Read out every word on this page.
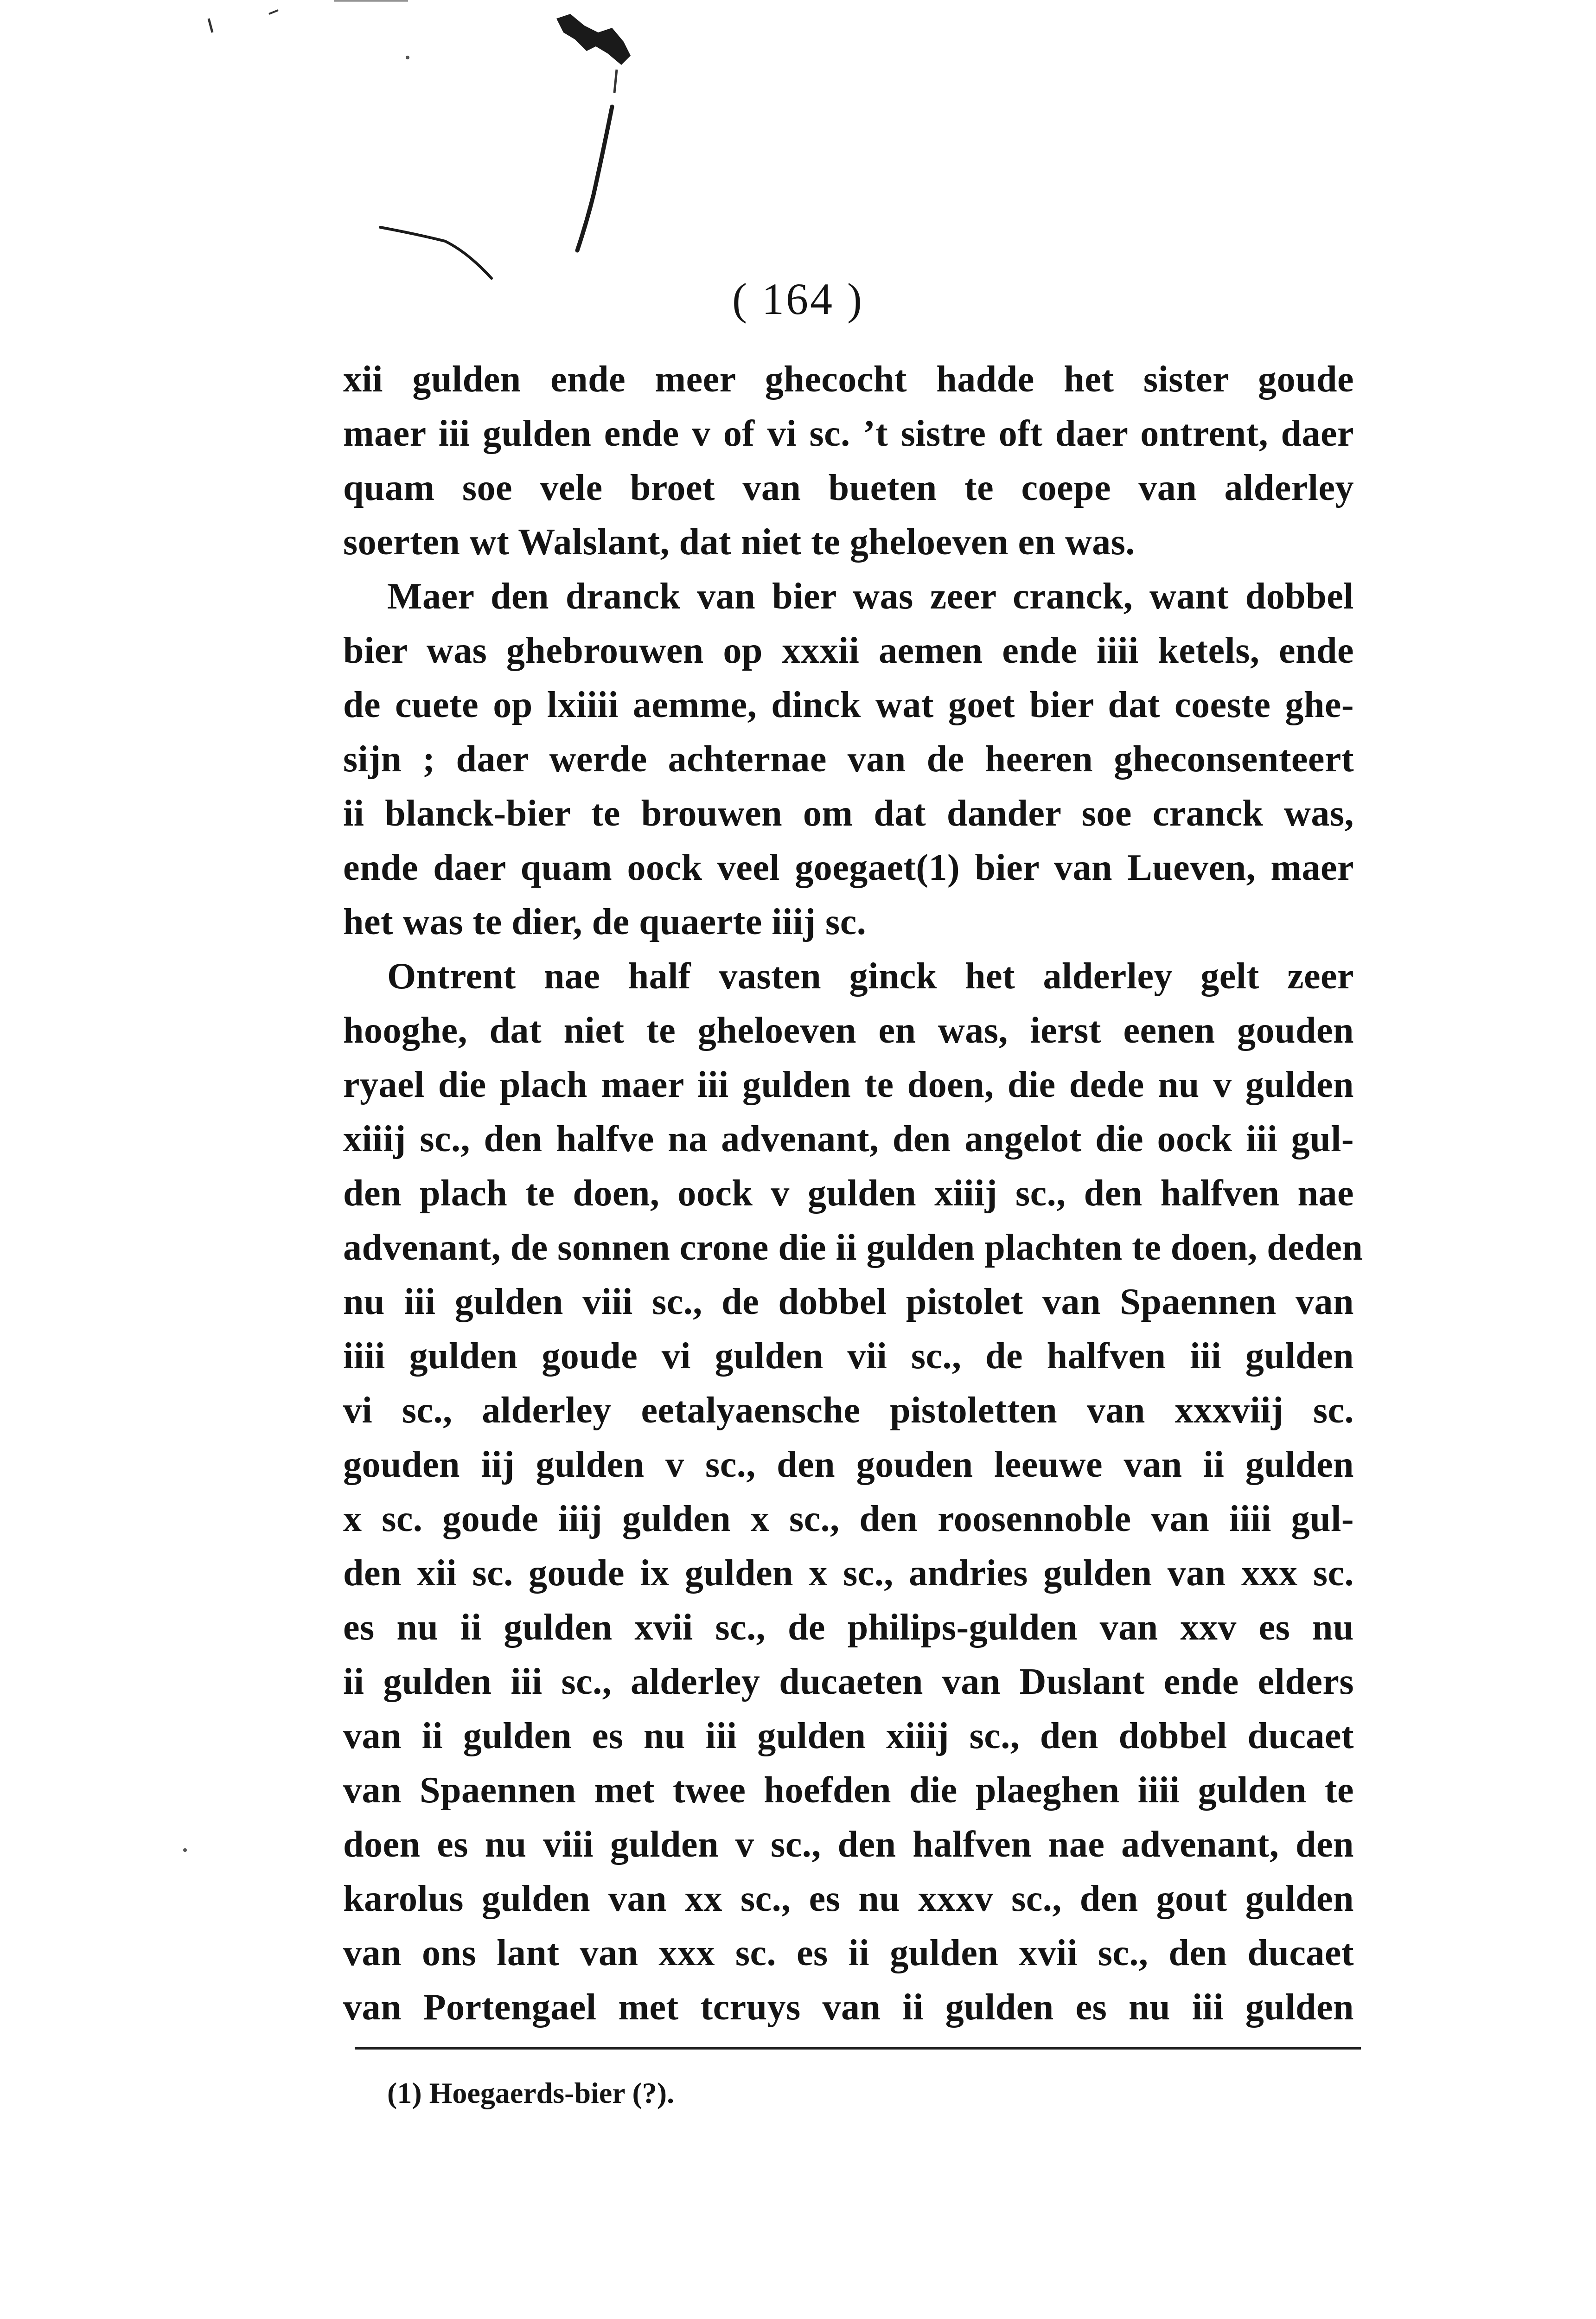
( 164 )
xii gulden ende meer ghecocht hadde het sister goude
maer iii gulden ende v of vi sc. ’t sistre oft daer ontrent, daer
quam soe vele broet van bueten te coepe van alderley
soerten wt Walslant, dat niet te gheloeven en was.
Maer den dranck van bier was zeer cranck, want dobbel
bier was ghebrouwen op xxxii aemen ende iiii ketels, ende
de cuete op lxiiii aemme, dinck wat goet bier dat coeste ghe-
sijn ; daer werde achternae van de heeren gheconsenteert
ii blanck-bier te brouwen om dat dander soe cranck was,
ende daer quam oock veel goegaet(1) bier van Lueven, maer
het was te dier, de quaerte iiij sc.
Ontrent nae half vasten ginck het alderley gelt zeer
hooghe, dat niet te gheloeven en was, ierst eenen gouden
ryael die plach maer iii gulden te doen, die dede nu v gulden
xiiij sc., den halfve na advenant, den angelot die oock iii gul-
den plach te doen, oock v gulden xiiij sc., den halfven nae
advenant, de sonnen crone die ii gulden plachten te doen, deden
nu iii gulden viii sc., de dobbel pistolet van Spaennen van
iiii gulden goude vi gulden vii sc., de halfven iii gulden
vi sc., alderley eetalyaensche pistoletten van xxxviij sc.
gouden iij gulden v sc., den gouden leeuwe van ii gulden
x sc. goude iiij gulden x sc., den roosennoble van iiii gul-
den xii sc. goude ix gulden x sc., andries gulden van xxx sc.
es nu ii gulden xvii sc., de philips-gulden van xxv es nu
ii gulden iii sc., alderley ducaeten van Duslant ende elders
van ii gulden es nu iii gulden xiiij sc., den dobbel ducaet
van Spaennen met twee hoefden die plaeghen iiii gulden te
doen es nu viii gulden v sc., den halfven nae advenant, den
karolus gulden van xx sc., es nu xxxv sc., den gout gulden
van ons lant van xxx sc. es ii gulden xvii sc., den ducaet
van Portengael met tcruys van ii gulden es nu iii gulden
(1) Hoegaerds-bier (?).
